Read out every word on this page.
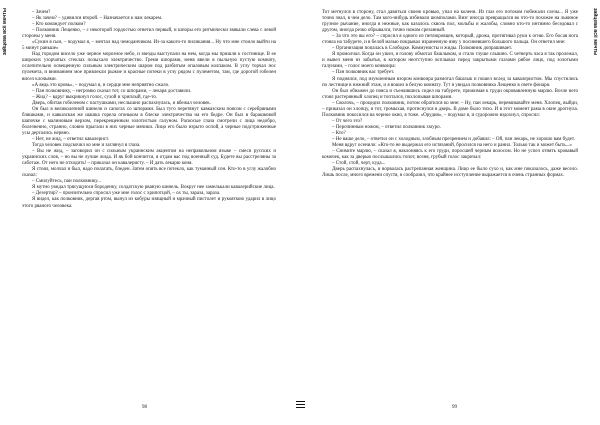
зайцева всё мечты	– Зачем?

– Як зачем? – удивился второй. – Назначается к нам лекарем.

– Кто командует полком?

– Полковник Лещенко, – с некоторой гордостью ответил первый, и шпоры его ритмически звякали слева с левой стороны у меня.

«Сукин я сын, – подумал я, – мечтал над чемоданчиком. Из-за какого-то пиликания... Ну что мне стоило выйти на 5 минут раньше»

Над городом висело уже черное морозное небо, и звезды выступали на нем, когда мы пришли к гостинице. В ее широких узорчатых стеклах полыхало электричество. Гремя шпорами, меня ввели в пыльную пустую комнату, ослепительно освещенную сильным электрическим шаром под разбитым опаловым колпаком. В углу торчал нос пулемета, и вниманием мое привлекли рыжие и красные потеки в углу рядом с пулеметом, там, где дорогой гобелен висел клочьями.

«А ведь это кровь», – подумал я, и сердце мне неприятно сжало.

– Пан полковнику, – негромко сказал тот, со шпорами, – лекаря доставили.

– Жид? – вдруг выкрикнул голос, сухой и хриплый, где-то.

Дверь, обитая гобеленом с пастушками, неслышно распахнулась, и вбежал человек.

Он был в великолепной шинели и сапогах со шпорами. Был туго перетянут кавказским поясом с серебряными бляшками, и кавказская же шашка горела огоньком в блеске электричества на его бедре. Он был в барашковой шапочке с малиновым верхом, перекрещенным золотистым галуном. Раскосые глаза смотрели с лица недобро, болезненно, странно, словно прыгали в них черные мячики. Лицо его было изрыто оспой, а черные подстриженные усы дергались нервно.

– Нет, не жид, – ответил кавалерист.

Тогда человек подскочил ко мне и заглянул в глаза.

– Вы не жид, – заговорил он с сильным украинским акцентом на неправильном языке – смеси русских и украинских слов, – но вы не лучше жида. И як бой кончится, я отдам вас под военный суд. Будете вы расстреляны за саботаж. От него не отходить! – приказал он кавалеристу. – И дать лекарю коня.

Я стоял, молчал и был, надо полагать, бледен. Затем опять все потекло, как туманный сон. Кто-то в углу жалобно сказал:

– Смилуйтесь, пан полковнику...

Я мутно увидал трясущуюся бороденку, солдатскую рваную шинель. Вокруг нее замелькали кавалерийские лица.

– Дезертир? – пронзительно спросил уже мне голос с хрипотцой, – ох ты, зараза, зараза.

Я видел, как полковник, дергая ртом, вынул из кобуры изящный и мрачный пистолет и рукояткою ударил в лицо этого рваного человека.

98
зайцева всё мечты

Тот метнулся в сторону, стал давиться своею кровью, упал на колени. Из глаз его потоком побежали слезы... Я уже точно знал, в чем дело. Там кого-нибудь избивали шомполами. Визг иногда превращался во что-то похожее на львиное грузное рычание, иногда в нежные, как казалось сквозь пол, мольбы и жалобы, словно кто-то интимно беседовал с другом, иногда резко обрывался, точно ножом срезанный.

– За что это вы его? – спросил я одного из петлюровцев, который, дрожа, протягивал руки к огню. Его босая нога стояла на табурете, и в белой мазью покрывал израненную язву у посиневшего большого пальца. Он ответил мне:

– Организация попалась в Слободке. Коммунисты и жиды. Полковник допрашивает.

Я промолчал. Когда он ушел, я голову обмотал башлыком, и стало глуше слышно. С четверть часа я так пролежал, и вывел меня из забытья, в котором неотступно всплывал перед закрытыми глазами рябое лицо, под золотыми галунами, – голос моего конвоира:

– Пан полковник вас требует.

Я поднялся, под изумленным взором конвоира размотал башлык и пошел вслед за кавалеристом. Мы спустились по лестнице в нижний этаж, и я вошел в белую комнату. Тут я увидал полковника Лещенко в свете фонаря.

Он был обнажен до пояса и съежившись сидел на табурете, прижимая к груди окровавленную марлю. Возле него стоял растерянный хлопец и топтался, похлопывая шпорами.

– Сволочь, – процедил полковник, потом обратился ко мне: – Ну, пан лекарь, перевязывайте меня. Хлопец, выйди, – приказал он хлопцу, и тот, громыхая, протиснулся в дверь. В доме было тихо. И в этот момент рама в окне дрогнула. Полковник покосился на черное окно, я тоже. «Орудия», – подумал я, и судорожно вздохнул, спросил:

– От чего это?

– Перочинным ножом, – ответил полковник хмуро.

– Кто?

– Не ваше дело, – ответил он с холодным, злобным презрением и добавил: – Ой, пан лекарь, не хорошо вам будет.

Меня вдруг осенило: «Кто-то не выдержал его истязаний, бросился на него и ранил. Только так и может быть...»

– Снимите марлю, – сказал я, наклоняясь к его груди, поросшей черным волосом. Но не успел отнять кровавый комочек, как за дверью послышались топот, возня, грубый голос закричал:

– Стой, стой, черт, куда...

Дверь распахнулась, и ворвалась растрепанная женщина. Лицо ее было сухо и, как мне показалось, даже весело. Лишь после, много времени спустя, я сообразил, что крайнее исступление выражается в очень странных формах.

99
